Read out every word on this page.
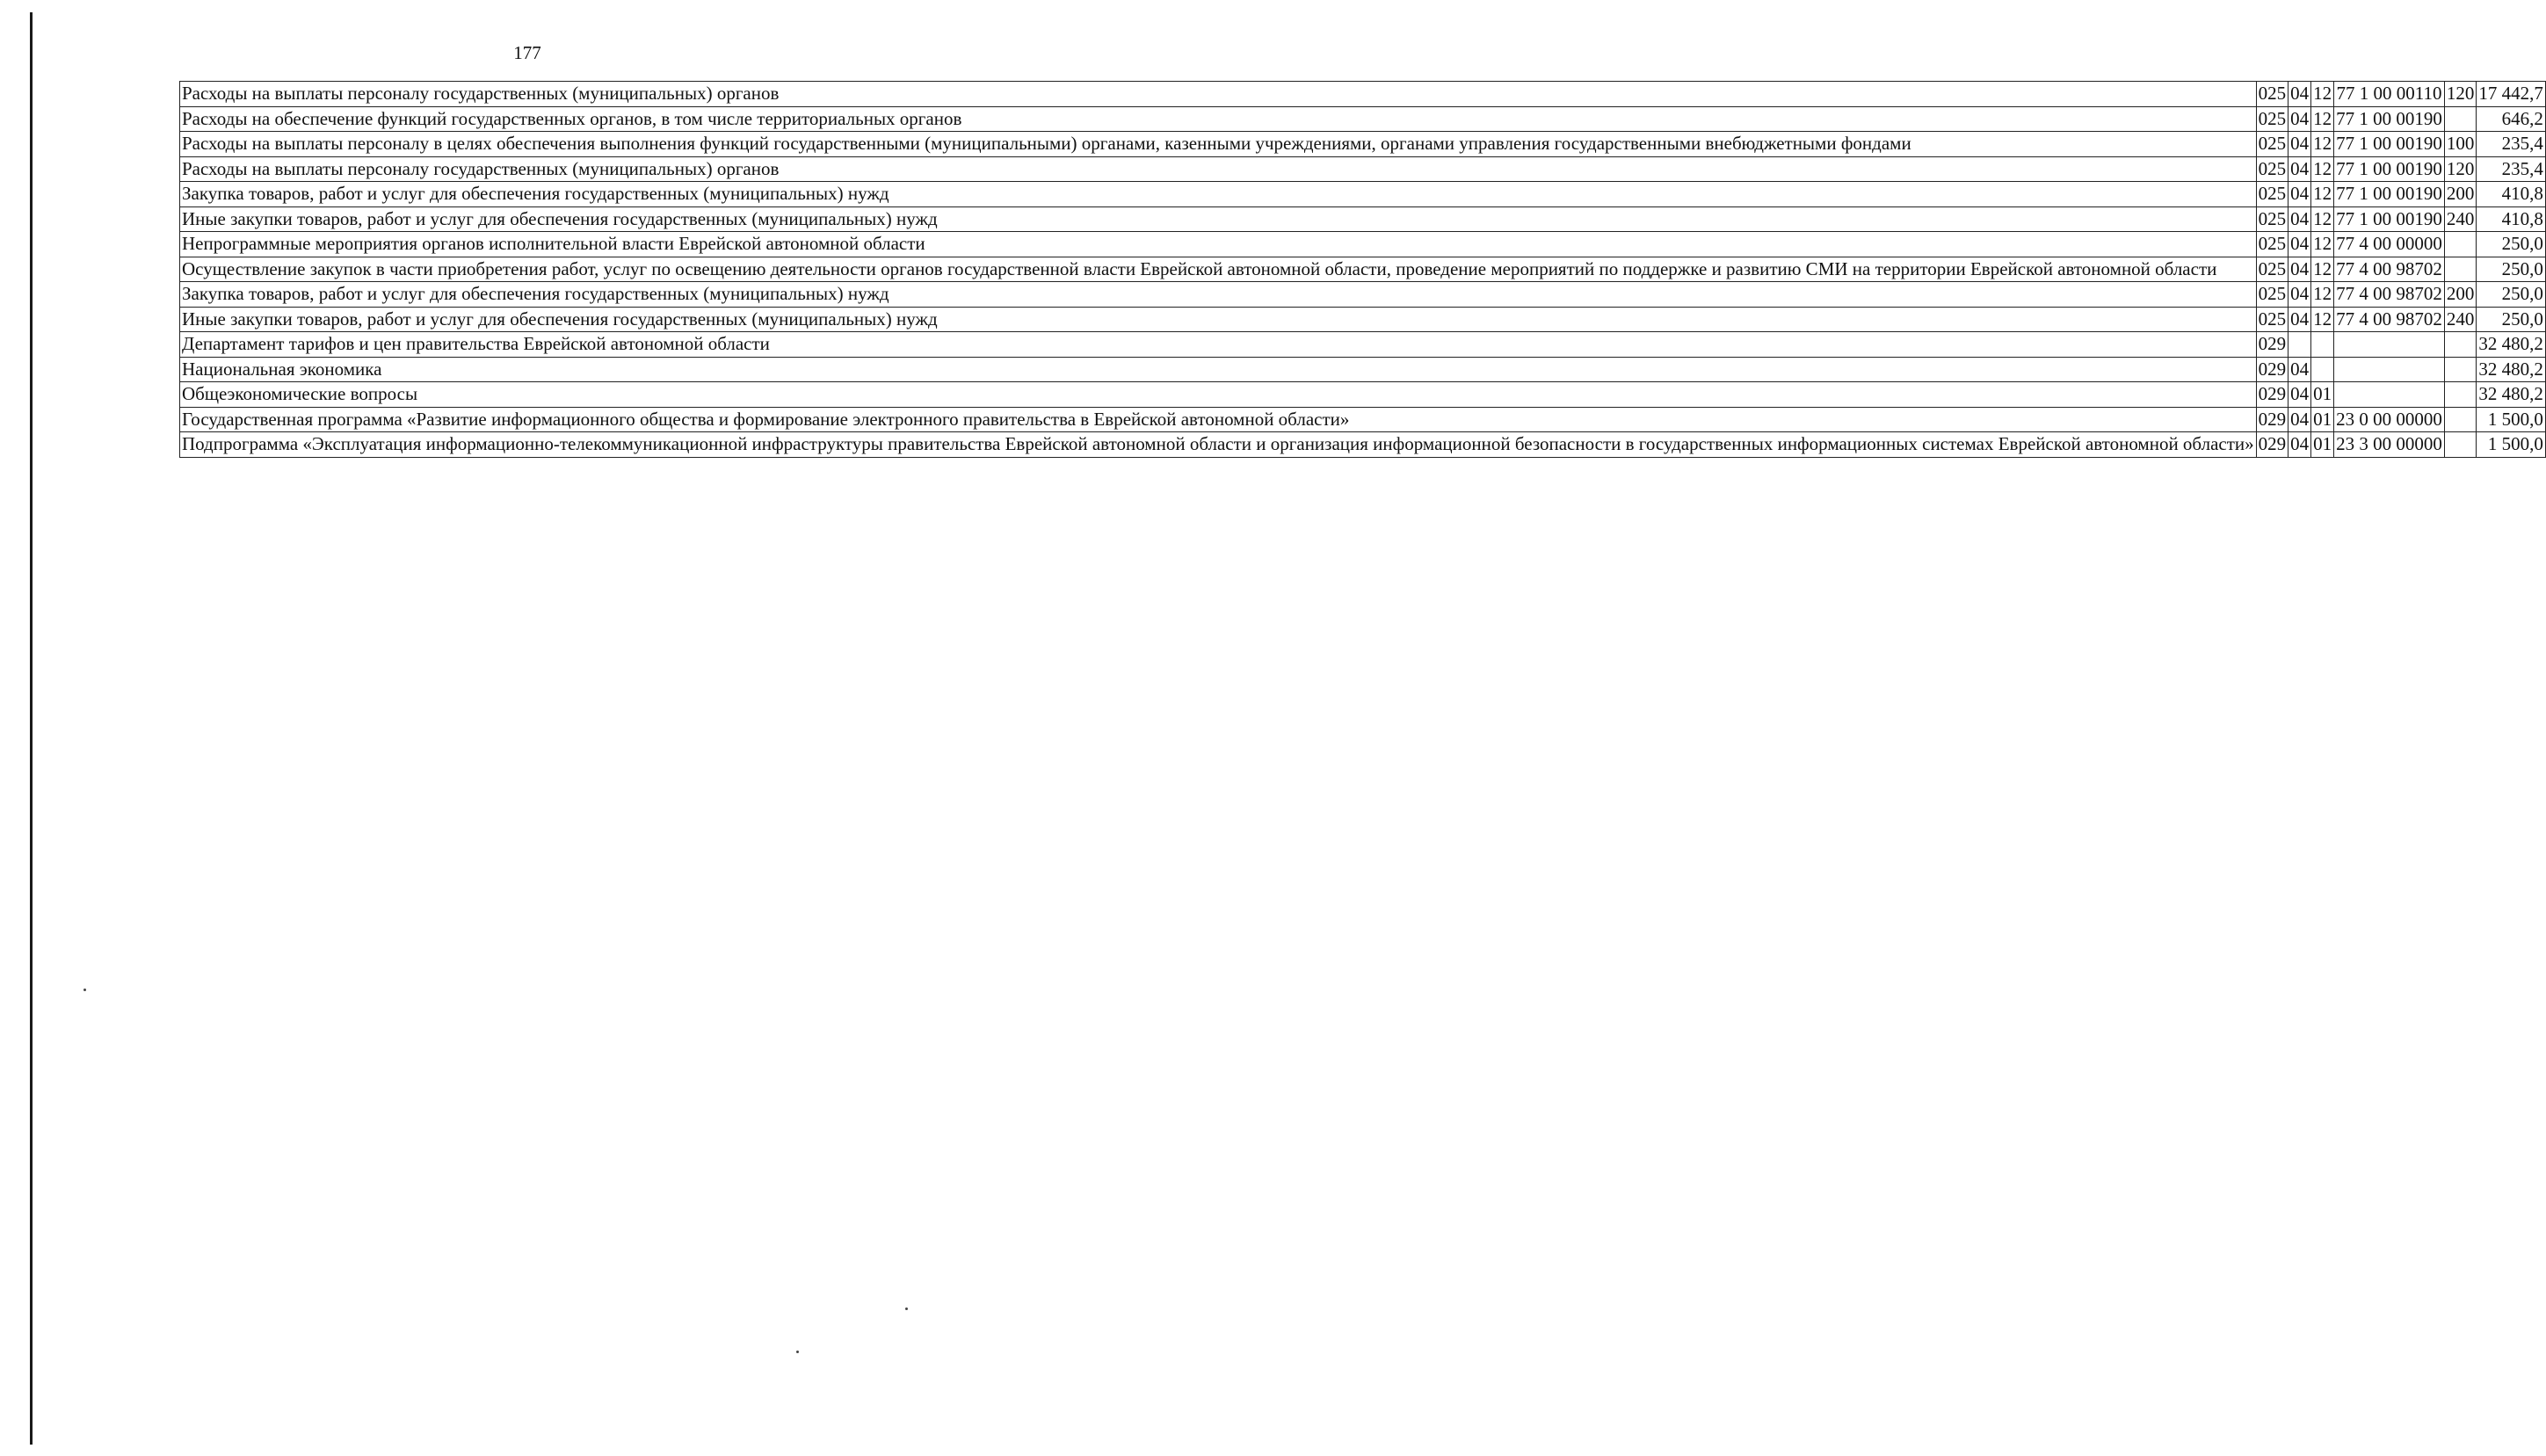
177
Расходы на выплаты персоналу государственных (муниципальных) органов	025	04	12	77 1 00 00110	120	17 442,7
Расходы на обеспечение функций государственных органов, в том числе территориальных органов	025	04	12	77 1 00 00190		646,2
Расходы на выплаты персоналу в целях обеспечения выполнения функций государственными (муниципальными) органами, казенными учреждениями, органами управления государственными внебюджетными фондами	025	04	12	77 1 00 00190	100	235,4
Расходы на выплаты персоналу государственных (муниципальных) органов	025	04	12	77 1 00 00190	120	235,4
Закупка товаров, работ и услуг для обеспечения государственных (муниципальных) нужд	025	04	12	77 1 00 00190	200	410,8
Иные закупки товаров, работ и услуг для обеспечения государственных (муниципальных) нужд	025	04	12	77 1 00 00190	240	410,8
Непрограммные мероприятия органов исполнительной власти Еврейской автономной области	025	04	12	77 4 00 00000		250,0
Осуществление закупок в части приобретения работ, услуг по освещению деятельности органов государственной власти Еврейской автономной области, проведение мероприятий по поддержке и развитию СМИ на территории Еврейской автономной области	025	04	12	77 4 00 98702		250,0
Закупка товаров, работ и услуг для обеспечения государственных (муниципальных) нужд	025	04	12	77 4 00 98702	200	250,0
Иные закупки товаров, работ и услуг для обеспечения государственных (муниципальных) нужд	025	04	12	77 4 00 98702	240	250,0
Департамент тарифов и цен правительства Еврейской автономной области	029					32 480,2
Национальная экономика	029	04				32 480,2
Общеэкономические вопросы	029	04	01			32 480,2
Государственная программа «Развитие информационного общества и формирование электронного правительства в Еврейской автономной области»	029	04	01	23 0 00 00000		1 500,0
Подпрограмма «Эксплуатация информационно-телекоммуникационной инфраструктуры правительства Еврейской автономной области и организация информационной безопасности в государственных информационных системах Еврейской автономной области»	029	04	01	23 3 00 00000		1 500,0
